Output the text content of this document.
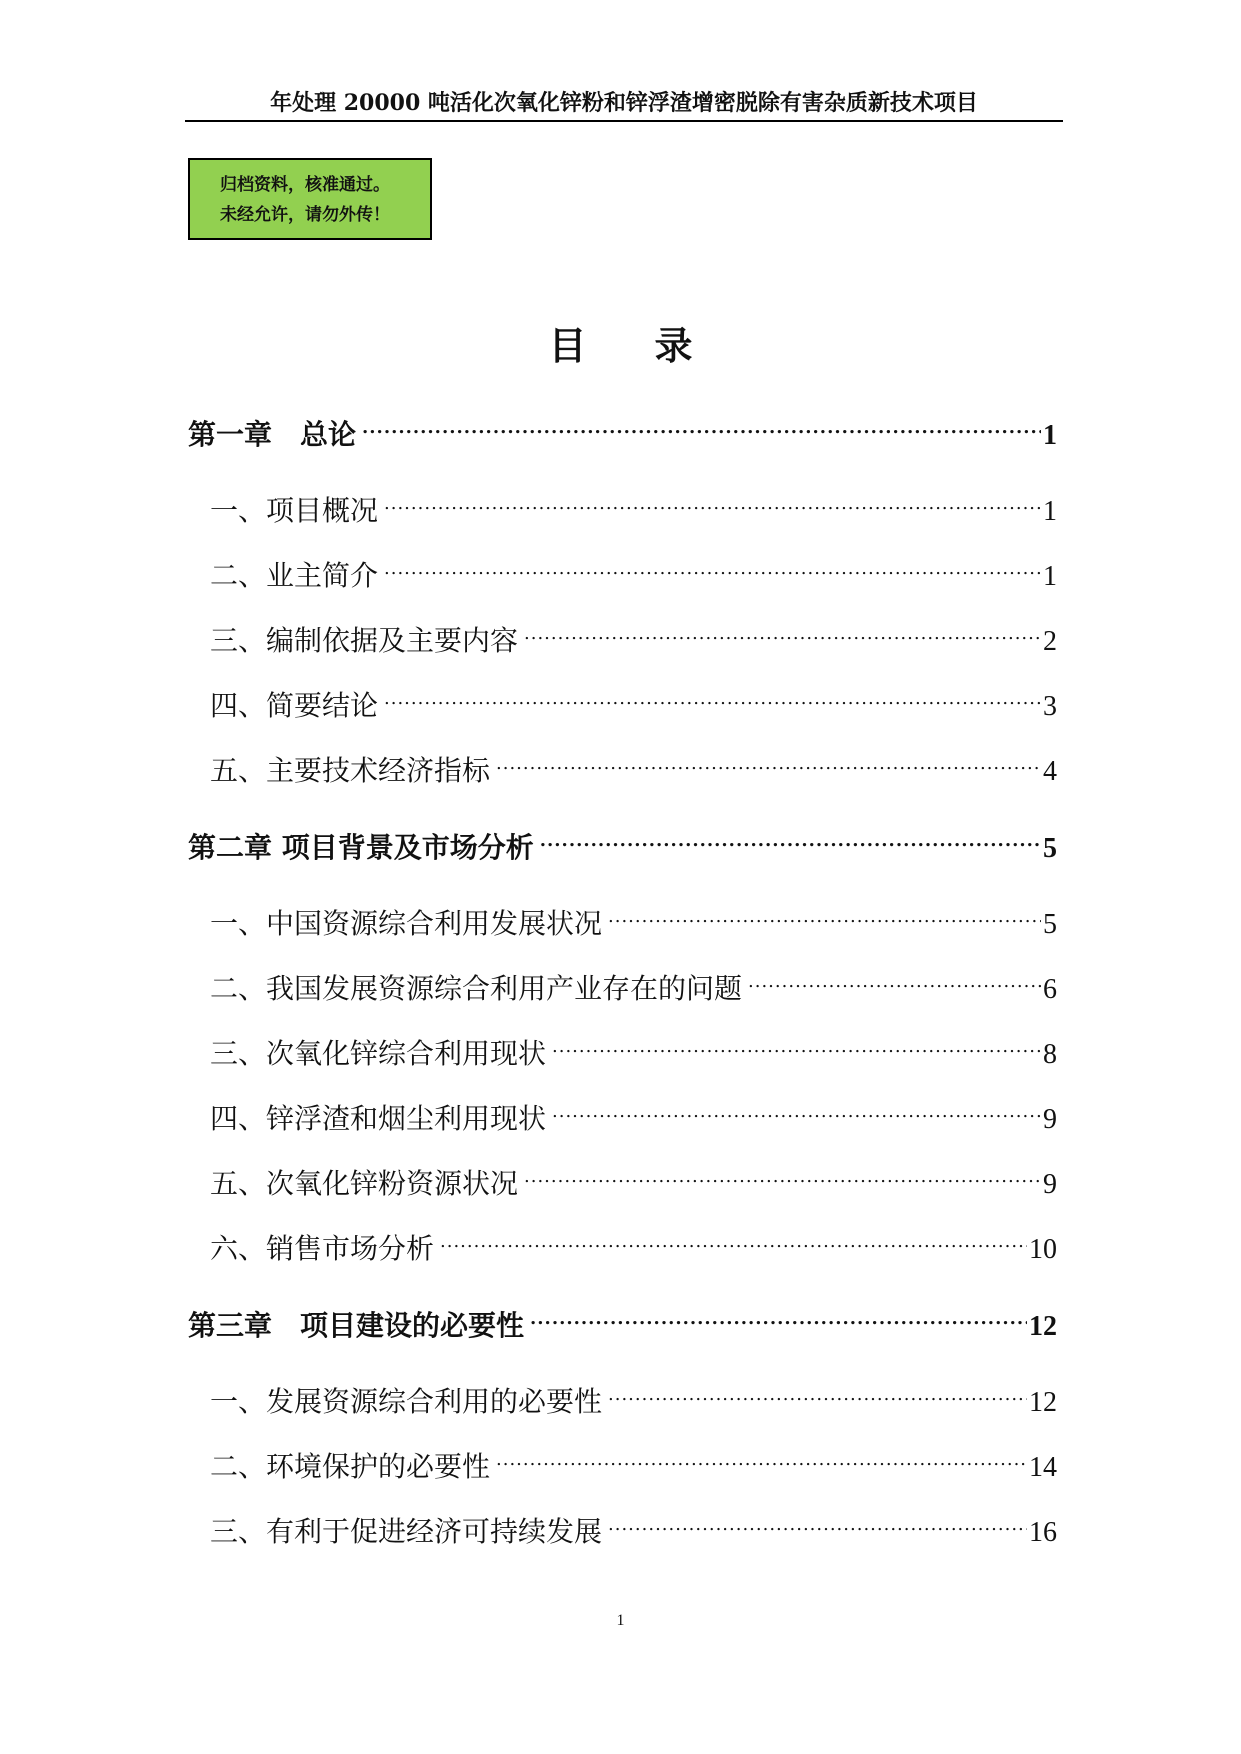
年处理 20000 吨活化次氧化锌粉和锌浮渣增密脱除有害杂质新技术项目
归档资料，核准通过。
未经允许，请勿外传！
目录
第一章　总论 .....	1
一、项目概况 .....	1
二、业主简介 .....	1
三、编制依据及主要内容 .....	2
四、简要结论 .....	3
五、主要技术经济指标 .....	4
第二章 项目背景及市场分析 .....	5
一、中国资源综合利用发展状况 .....	5
二、我国发展资源综合利用产业存在的问题 .....	6
三、次氧化锌综合利用现状 .....	8
四、锌浮渣和烟尘利用现状 .....	9
五、次氧化锌粉资源状况 .....	9
六、销售市场分析 .....	10
第三章　项目建设的必要性 .....	12
一、发展资源综合利用的必要性 .....	12
二、环境保护的必要性 .....	14
三、有利于促进经济可持续发展 .....	16
1
